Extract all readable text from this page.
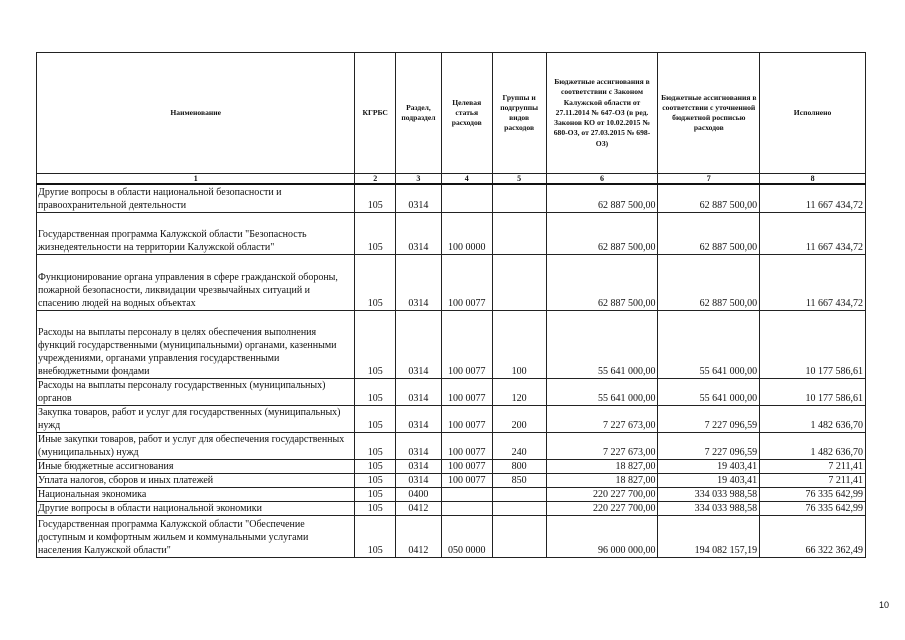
Наименование	КГРБС	Раздел, подраздел	Целевая статья расходов	Группы и подгруппы видов расходов	Бюджетные ассигнования в соответствии с Законом Калужской области от 27.11.2014 № 647-ОЗ (в ред. Законов КО от 10.02.2015 № 680-ОЗ, от 27.03.2015 № 698-ОЗ)	Бюджетные ассигнования в соответствии с уточненной бюджетной росписью расходов	Исполнено
1	2	3	4	5	6	7	8
Другие вопросы в области национальной безопасности и правоохранительной деятельности	105	0314			62 887 500,00	62 887 500,00	11 667 434,72
Государственная программа Калужской области "Безопасность жизнедеятельности на территории Калужской области"	105	0314	100 0000		62 887 500,00	62 887 500,00	11 667 434,72
Функционирование органа управления в сфере гражданской обороны, пожарной безопасности, ликвидации чрезвычайных ситуаций и спасению людей на водных объектах	105	0314	100 0077		62 887 500,00	62 887 500,00	11 667 434,72
Расходы на выплаты персоналу в целях обеспечения выполнения функций государственными (муниципальными) органами, казенными учреждениями, органами управления государственными внебюджетными фондами	105	0314	100 0077	100	55 641 000,00	55 641 000,00	10 177 586,61
Расходы на выплаты персоналу государственных (муниципальных) органов	105	0314	100 0077	120	55 641 000,00	55 641 000,00	10 177 586,61
Закупка товаров, работ и услуг для государственных (муниципальных) нужд	105	0314	100 0077	200	7 227 673,00	7 227 096,59	1 482 636,70
Иные закупки товаров, работ и услуг для обеспечения государственных (муниципальных) нужд	105	0314	100 0077	240	7 227 673,00	7 227 096,59	1 482 636,70
Иные бюджетные ассигнования	105	0314	100 0077	800	18 827,00	19 403,41	7 211,41
Уплата налогов, сборов и иных платежей	105	0314	100 0077	850	18 827,00	19 403,41	7 211,41
Национальная экономика	105	0400			220 227 700,00	334 033 988,58	76 335 642,99
Другие вопросы в области национальной экономики	105	0412			220 227 700,00	334 033 988,58	76 335 642,99
Государственная программа Калужской области "Обеспечение доступным и комфортным жильем и коммунальными услугами населения Калужской области"	105	0412	050 0000		96 000 000,00	194 082 157,19	66 322 362,49
10
